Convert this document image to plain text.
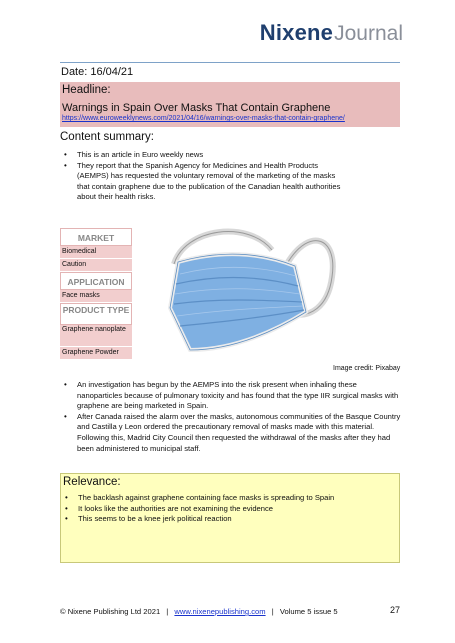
NixeneJournal
Date: 16/04/21
Headline:
Warnings in Spain Over Masks That Contain Graphene
https://www.euroweeklynews.com/2021/04/16/warnings-over-masks-that-contain-graphene/
Content summary:
• This is an article in Euro weekly news
• They report that the Spanish Agency for Medicines and Health Products (AEMPS) has requested the voluntary removal of the marketing of the masks that contain graphene due to the publication of the Canadian health authorities about their health risks.
MARKET
Biomedical
Caution
APPLICATION
Face masks
PRODUCT TYPE
Graphene nanoplate
Graphene Powder
Image credit: Pixabay
• An investigation has begun by the AEMPS into the risk present when inhaling these nanoparticles because of pulmonary toxicity and has found that the type IIR surgical masks with graphene are being marketed in Spain.
• After Canada raised the alarm over the masks, autonomous communities of the Basque Country and Castilla y Leon ordered the precautionary removal of masks made with this material. Following this, Madrid City Council then requested the withdrawal of the masks after they had been administered to municipal staff.
Relevance:
• The backlash against graphene containing face masks is spreading to Spain
• It looks like the authorities are not examining the evidence
• This seems to be a knee jerk political reaction
© Nixene Publishing Ltd 2021 | www.nixenepublishing.com | Volume 5 issue 5	27
